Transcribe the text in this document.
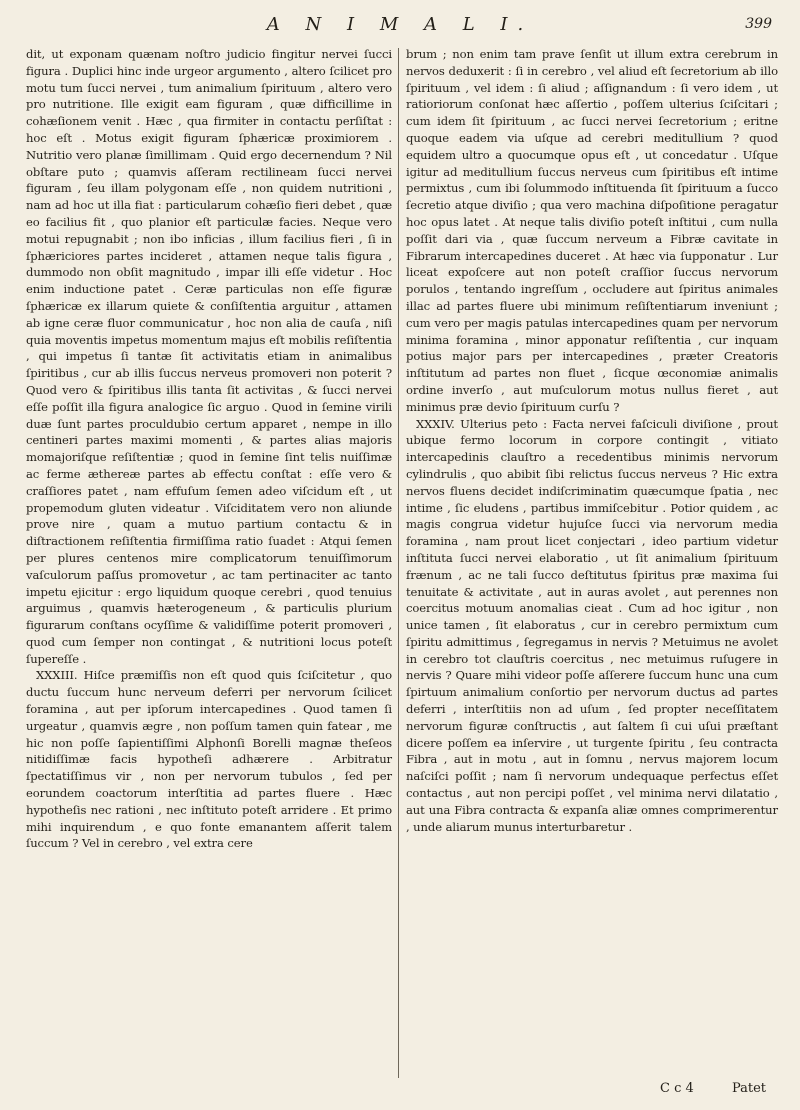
A N I M A L I.	399

dit, ut exponam quænam noſtro judicio fingitur nervei ſucci figura . Duplici hinc inde urgeor argumento , altero ſcilicet pro motu tum ſucci nervei , tum animalium ſpirituum , altero vero pro nutritione. Ille exigit eam figuram , quæ difficillime in cohæſionem venit . Hæc , qua firmiter in contactu perſiſtat : hoc eſt . Motus exigit figuram ſphæricæ proximiorem . Nutritio vero planæ ſimillimam . Quid ergo decernendum ? Nil obſtare puto ; quamvis aſſeram rectilineam ſucci nervei figuram , ſeu illam polygonam eſſe , non quidem nutritioni , nam ad hoc ut illa fiat : particularum cohæſio fieri debet , quæ eo facilius fit , quo planior eſt particulæ facies. Neque vero motui repugnabit ; non ibo inficias , illum facilius fieri , ſi in ſphæriciores partes incideret , attamen neque talis figura , dummodo non obſit magnitudo , impar illi eſſe videtur . Hoc enim inductione patet . Ceræ particulas non eſſe figuræ ſphæricæ ex illarum quiete & conſiſtentia arguitur , attamen ab igne ceræ fluor communicatur , hoc non alia de cauſa , niſi quia moventis impetus momentum majus eſt mobilis reſiſtentia , qui impetus ſi tantæ ſit activitatis etiam in animalibus ſpiritibus , cur ab illis ſuccus nerveus promoveri non poterit ? Quod vero & ſpiritibus illis tanta ſit activitas , & ſucci nervei eſſe poſſit illa figura analogice ſic arguo . Quod in ſemine virili duæ ſunt partes proculdubio certum apparet , nempe in illo centineri partes maximi momenti , & partes alias majoris momajoriſque reſiſtentiæ ; quod in ſemine ſint telis nuiſſimæ ac ferme æthereæ partes ab effectu conſtat : eſſe vero & craſſiores patet , nam effuſum ſemen adeo viſcidum eſt , ut propemodum gluten videatur . Viſciditatem vero non aliunde prove nire , quam a mutuo partium contactu & in diſtractionem reſiſtentia firmiſſima ratio ſuadet : Atqui ſemen per plures centenos mire complicatorum tenuiſſimorum vaſculorum paſſus promovetur , ac tam pertinaciter ac tanto impetu ejicitur : ergo liquidum quoque cerebri , quod tenuius arguimus , quamvis hæterogeneum , & particulis plurium figurarum conſtans ocyſſime & validiſſime poterit promoveri , quod cum ſemper non contingat , & nutritioni locus poteſt ſupereſſe .

XXXIII. Hiſce præmiſſis non eſt quod quis ſciſcitetur , quo ductu ſuccum hunc nerveum deferri per nervorum ſcilicet foramina , aut per ipſorum intercapedines . Quod tamen ſi urgeatur , quamvis ægre , non poſſum tamen quin fatear , me hic non poſſe ſapientiſſimi Alphonſi Borelli magnæ theſeos nitidiſſimæ facis hypotheſi adhærere . Arbitratur ſpectatiſſimus vir , non per nervorum tubulos , ſed per eorundem coactorum interſtitia ad partes fluere . Hæc hypotheſis nec rationi , nec inſtituto poteſt arridere . Et primo mihi inquirendum , e quo fonte emanantem aſſerit talem ſuccum ? Vel in cerebro , vel extra cere

brum ; non enim tam prave ſenſit ut illum extra cerebrum in nervos deduxerit : ſi in cerebro , vel aliud eſt ſecretorium ab illo ſpirituum , vel idem : ſi aliud ; aſſignandum : ſi vero idem , ut ratioriorum conſonat hæc aſſertio , poſſem ulterius ſciſcitari ; cum idem ſit ſpirituum , ac ſucci nervei ſecretorium ; eritne quoque eadem via uſque ad cerebri meditullium ? quod equidem ultro a quocumque opus eſt , ut concedatur . Uſque igitur ad meditullium ſuccus nerveus cum ſpiritibus eſt intime permixtus , cum ibi ſolummodo inſtituenda ſit ſpirituum a ſucco ſecretio atque diviſio ; qua vero machina diſpoſitione peragatur hoc opus latet . At neque talis diviſio poteſt inſtitui , cum nulla poſſit dari via , quæ ſuccum nerveum a Fibræ cavitate in Fibrarum intercapedines duceret . At hæc via ſupponatur . Lur liceat expoſcere aut non poteſt craſſior ſuccus nervorum porulos , tentando ingreſſum , occludere aut ſpiritus animales illac ad partes fluere ubi minimum reſiſtentiarum inveniunt ; cum vero per magis patulas intercapedines quam per nervorum minima foramina , minor apponatur reſiſtentia , cur inquam potius major pars per intercapedines , præter Creatoris inſtitutum ad partes non fluet , ſicque œconomiæ animalis ordine inverſo , aut muſculorum motus nullus fieret , aut minimus præ devio ſpirituum curſu ?

XXXIV. Ulterius peto : Facta nervei faſciculi diviſione , prout ubique fermo locorum in corpore contingit , vitiato intercapedinis clauſtro a recedentibus minimis nervorum cylindrulis , quo abibit ſibi relictus ſuccus nerveus ? Hic extra nervos fluens decidet indiſcriminatim quæcumque ſpatia , nec intime , ſic eludens , partibus immiſcebitur . Potior quidem , ac magis congrua videtur hujuſce ſucci via nervorum media foramina , nam prout licet conjectari , ideo partium videtur inſtituta ſucci nervei elaboratio , ut ſit animalium ſpirituum frænum , ac ne tali ſucco deſtitutus ſpiritus præ maxima ſui tenuitate & activitate , aut in auras avolet , aut perennes non coercitus motuum anomalias cieat . Cum ad hoc igitur , non unice tamen , ſit elaboratus , cur in cerebro permixtum cum ſpiritu admittimus , ſegregamus in nervis ? Metuimus ne avolet in cerebro tot clauſtris coercitus , nec metuimus ruſugere in nervis ? Quare mihi videor poſſe aſſerere ſuccum hunc una cum ſpirtuum animalium conſortio per nervorum ductus ad partes deferri , interſtitiis non ad uſum , ſed propter neceſſitatem nervorum figuræ conſtructis , aut ſaltem ſi cui uſui præſtant dicere poſſem ea inſervire , ut turgente ſpiritu , ſeu contracta Fibra , aut in motu , aut in ſomnu , nervus majorem locum naſciſci poſſit ; nam ſi nervorum undequaque perfectus eſſet contactus , aut non percipi poſſet , vel minima nervi dilatatio , aut una Fibra contracta & expanſa aliæ omnes comprimerentur , unde aliarum munus interturbaretur .

C c 4	Patet
